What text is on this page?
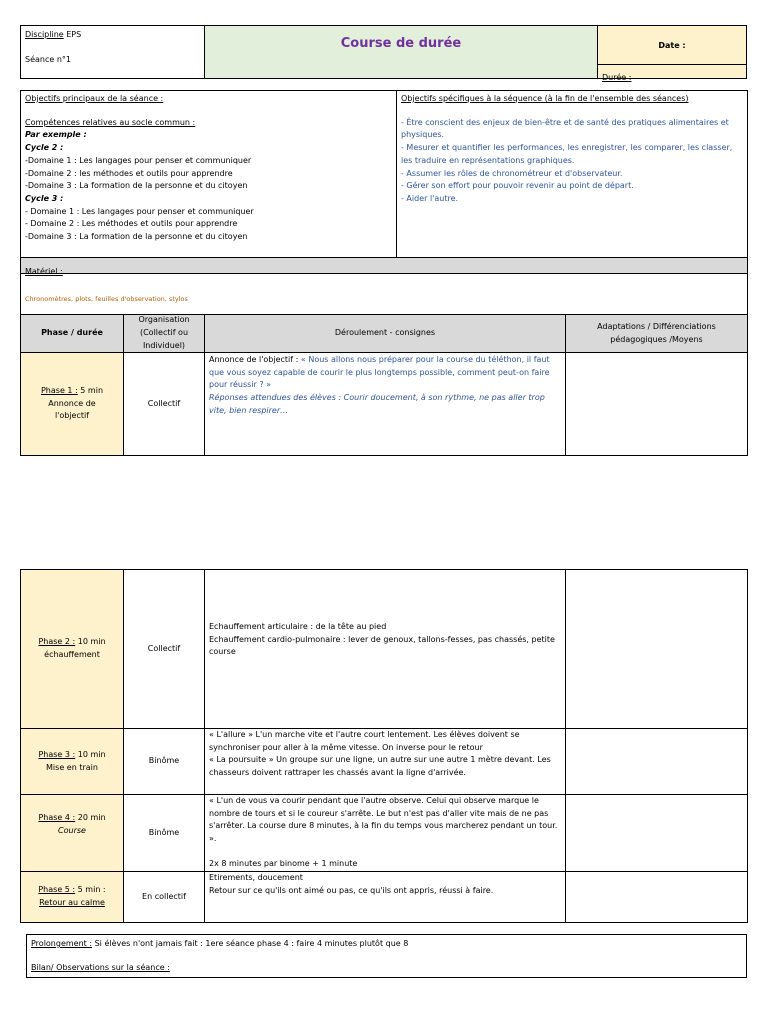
Discipline EPS
Séance n°1
Course de durée	Date :
Durée :
Objectifs principaux de la séance :
Compétences relatives au socle commun :
Par exemple :
Cycle 2 :
-Domaine 1 : Les langages pour penser et communiquer
-Domaine 2 : les méthodes et outils pour apprendre
-Domaine 3 : La formation de la personne et du citoyen
Cycle 3 :
- Domaine 1 : Les langages pour penser et communiquer
- Domaine 2 : Les méthodes et outils pour apprendre
-Domaine 3 : La formation de la personne et du citoyen
Objectifs spécifiques à la séquence (à la fin de l'ensemble des séances)
- Être conscient des enjeux de bien-être et de santé des pratiques alimentaires et physiques.
- Mesurer et quantifier les performances, les enregistrer, les comparer, les classer, les traduire en représentations graphiques.
- Assumer les rôles de chronométreur et d'observateur.
- Gérer son effort pour pouvoir revenir au point de départ.
- Aider l'autre.
Matériel :
Chronomètres, plots, feuilles d'observation, stylos
Phase / durée
Organisation (Collectif ou Individuel)
Déroulement - consignes
Adaptations / Différenciations pédagogiques /Moyens
Phase 1 : 5 min
Annonce de l'objectif
Collectif

Annonce de l'objectif : « Nous allons nous préparer pour la course du téléthon, il faut que vous soyez capable de courir le plus longtemps possible, comment peut-on faire pour réussir ? »

Réponses attendues des élèves : Courir doucement, à son rythme, ne pas aller trop vite, bien respirer…

Phase 2 : 10 min
échauffement
Collectif

Echauffement articulaire : de la tête au pied

Echauffement cardio-pulmonaire : lever de genoux, tallons-fesses, pas chassés, petite course

Phase 3 : 10 min
Mise en train
Binôme

« L'allure » L'un marche vite et l'autre court lentement. Les élèves doivent se synchroniser pour aller à la même vitesse. On inverse pour le retour

« La poursuite » Un groupe sur une ligne, un autre sur une autre 1 mètre devant. Les chasseurs doivent rattraper les chassés avant la ligne d'arrivée.

Phase 4 : 20 min
Course	Binôme

« L'un de vous va courir pendant que l'autre observe. Celui qui observe marque le nombre de tours et si le coureur s'arrête. Le but n'est pas d'aller vite mais de ne pas s'arrêter. La course dure 8 minutes, à la fin du temps vous marcherez pendant un tour. ».

2x 8 minutes par binome + 1 minute

Phase 5 : 5 min :
Retour au calme
En collectif

Etirements, doucement

Retour sur ce qu'ils ont aimé ou pas, ce qu'ils ont appris, réussi à faire.

Prolongement : Si élèves n'ont jamais fait : 1ere séance phase 4 : faire 4 minutes plutôt que 8
Bilan/ Observations sur la séance :
